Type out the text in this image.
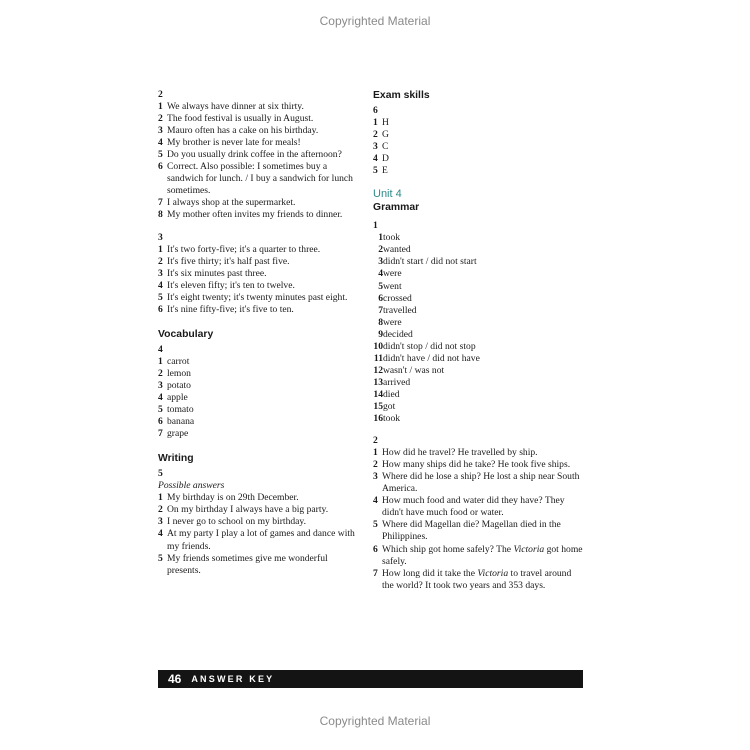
Copyrighted Material
2
1 We always have dinner at six thirty.
2 The food festival is usually in August.
3 Mauro often has a cake on his birthday.
4 My brother is never late for meals!
5 Do you usually drink coffee in the afternoon?
6 Correct. Also possible: I sometimes buy a sandwich for lunch. / I buy a sandwich for lunch sometimes.
7 I always shop at the supermarket.
8 My mother often invites my friends to dinner.
3
1 It's two forty-five; it's a quarter to three.
2 It's five thirty; it's half past five.
3 It's six minutes past three.
4 It's eleven fifty; it's ten to twelve.
5 It's eight twenty; it's twenty minutes past eight.
6 It's nine fifty-five; it's five to ten.
Vocabulary
4
1 carrot
2 lemon
3 potato
4 apple
5 tomato
6 banana
7 grape
Writing
5
Possible answers
1 My birthday is on 29th December.
2 On my birthday I always have a big party.
3 I never go to school on my birthday.
4 At my party I play a lot of games and dance with my friends.
5 My friends sometimes give me wonderful presents.
Exam skills
6
1 H
2 G
3 C
4 D
5 E
Unit 4
Grammar
1
1 took
2 wanted
3 didn't start / did not start
4 were
5 went
6 crossed
7 travelled
8 were
9 decided
10 didn't stop / did not stop
11 didn't have / did not have
12 wasn't / was not
13 arrived
14 died
15 got
16 took
2
1 How did he travel? He travelled by ship.
2 How many ships did he take? He took five ships.
3 Where did he lose a ship? He lost a ship near South America.
4 How much food and water did they have? They didn't have much food or water.
5 Where did Magellan die? Magellan died in the Philippines.
6 Which ship got home safely? The Victoria got home safely.
7 How long did it take the Victoria to travel around the world? It took two years and 353 days.
46 ANSWER KEY
Copyrighted Material
